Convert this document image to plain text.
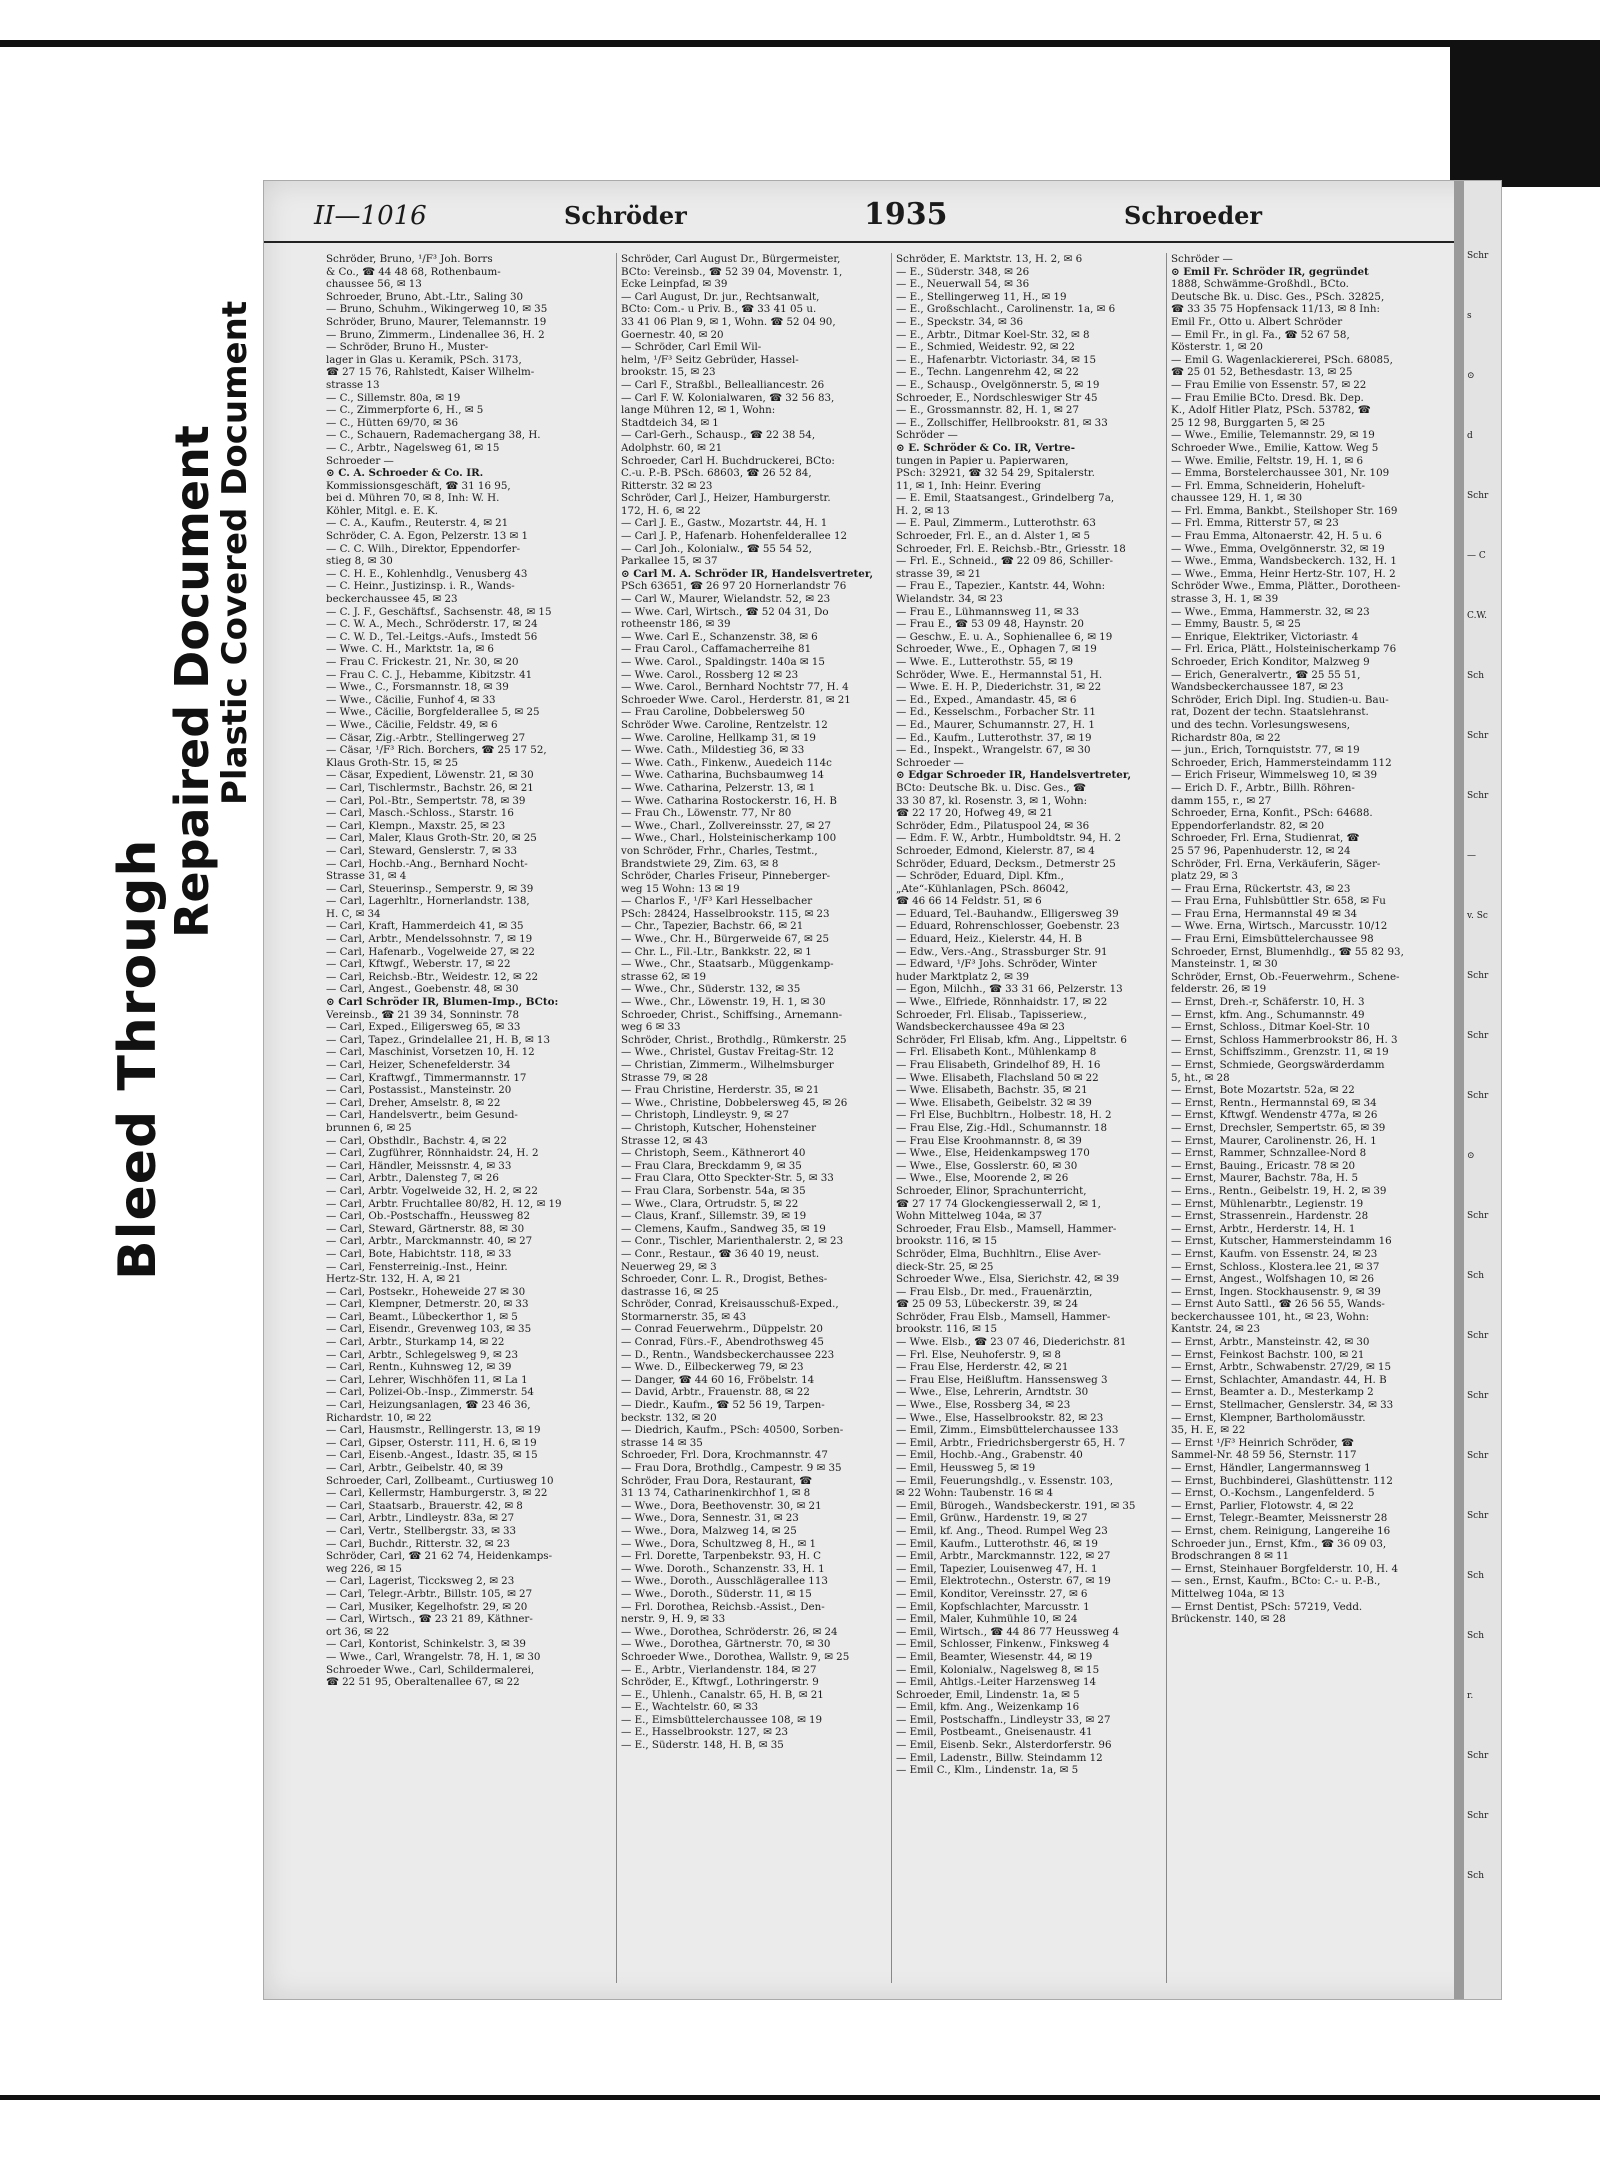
Bleed Through
Repaired Document
Plastic Covered Document
II—1016	Schröder	1935	Schroeder
Schröder, Bruno, ¹/F³ Joh. Borrs
& Co., ☎ 44 48 68, Rothenbaum-
chaussee 56, ✉ 13
Schroeder, Bruno, Abt.-Ltr., Saling 30
— Bruno, Schuhm., Wikingerweg 10, ✉ 35
Schröder, Bruno, Maurer, Telemannstr. 19
— Bruno, Zimmerm., Lindenallee 36, H. 2
— Schröder, Bruno H., Muster-
lager in Glas u. Keramik, PSch. 3173,
☎ 27 15 76, Rahlstedt, Kaiser Wilhelm-
strasse 13
— C., Sillemstr. 80a, ✉ 19
— C., Zimmerpforte 6, H., ✉ 5
— C., Hütten 69/70, ✉ 36
— C., Schauern, Rademachergang 38, H.
— C., Arbtr., Nagelsweg 61, ✉ 15
Schroeder —
⊙ C. A. Schroeder & Co. IR.
Kommissionsgeschäft, ☎ 31 16 95,
bei d. Mühren 70, ✉ 8, Inh: W. H.
Köhler, Mitgl. e. E. K.
— C. A., Kaufm., Reuterstr. 4, ✉ 21
Schröder, C. A. Egon, Pelzerstr. 13 ✉ 1
— C. C. Wilh., Direktor, Eppendorfer-
stieg 8, ✉ 30
— C. H. E., Kohlenhdlg., Venusberg 43
— C. Heinr., Justizinsp. i. R., Wands-
beckerchaussee 45, ✉ 23
— C. J. F., Geschäftsf., Sachsenstr. 48, ✉ 15
— C. W. A., Mech., Schröderstr. 17, ✉ 24
— C. W. D., Tel.-Leitgs.-Aufs., Imstedt 56
— Wwe. C. H., Marktstr. 1a, ✉ 6
— Frau C. Frickestr. 21, Nr. 30, ✉ 20
— Frau C. C. J., Hebamme, Kibitzstr. 41
— Wwe., C., Forsmannstr. 18, ✉ 39
— Wwe., Cäcilie, Funhof 4, ✉ 33
— Wwe., Cäcilie, Borgfelderallee 5, ✉ 25
— Wwe., Cäcilie, Feldstr. 49, ✉ 6
— Cäsar, Zig.-Arbtr., Stellingerweg 27
— Cäsar, ¹/F³ Rich. Borchers, ☎ 25 17 52,
Klaus Groth-Str. 15, ✉ 25
— Cäsar, Expedient, Löwenstr. 21, ✉ 30
— Carl, Tischlermstr., Bachstr. 26, ✉ 21
— Carl, Pol.-Btr., Sempertstr. 78, ✉ 39
— Carl, Masch.-Schloss., Starstr. 16
— Carl, Klempn., Maxstr. 25, ✉ 23
— Carl, Maler, Klaus Groth-Str. 20, ✉ 25
— Carl, Steward, Genslerstr. 7, ✉ 33
— Carl, Hochb.-Ang., Bernhard Nocht-
Strasse 31, ✉ 4
— Carl, Steuerinsp., Semperstr. 9, ✉ 39
— Carl, Lagerhltr., Hornerlandstr. 138,
H. C, ✉ 34
— Carl, Kraft, Hammerdeich 41, ✉ 35
— Carl, Arbtr., Mendelssohnstr. 7, ✉ 19
— Carl, Hafenarb., Vogelweide 27, ✉ 22
— Carl, Kftwgf., Weberstr. 17, ✉ 22
— Carl, Reichsb.-Btr., Weidestr. 12, ✉ 22
— Carl, Angest., Goebenstr. 48, ✉ 30
⊙ Carl Schröder IR, Blumen-Imp., BCto:
Vereinsb., ☎ 21 39 34, Sonninstr. 78
— Carl, Exped., Eiligersweg 65, ✉ 33
— Carl, Tapez., Grindelallee 21, H. B, ✉ 13
— Carl, Maschinist, Vorsetzen 10, H. 12
— Carl, Heizer, Schenefelderstr. 34
— Carl, Kraftwgf., Timmermannstr. 17
— Carl, Postassist., Mansteinstr. 20
— Carl, Dreher, Amselstr. 8, ✉ 22
— Carl, Handelsvertr., beim Gesund-
brunnen 6, ✉ 25
— Carl, Obsthdlr., Bachstr. 4, ✉ 22
— Carl, Zugführer, Rönnhaidstr. 24, H. 2
— Carl, Händler, Meissnstr. 4, ✉ 33
— Carl, Arbtr., Dalensteg 7, ✉ 26
— Carl, Arbtr. Vogelweide 32, H. 2, ✉ 22
— Carl, Arbtr. Fruchtallee 80/82, H. 12, ✉ 19
— Carl, Ob.-Postschaffn., Heussweg 82
— Carl, Steward, Gärtnerstr. 88, ✉ 30
— Carl, Arbtr., Marckmannstr. 40, ✉ 27
— Carl, Bote, Habichtstr. 118, ✉ 33
— Carl, Fensterreinig.-Inst., Heinr.
Hertz-Str. 132, H. A, ✉ 21
— Carl, Postsekr., Hoheweide 27 ✉ 30
— Carl, Klempner, Detmerstr. 20, ✉ 33
— Carl, Beamt., Lübeckerthor 1, ✉ 5
— Carl, Eisendr., Grevenweg 103, ✉ 35
— Carl, Arbtr., Sturkamp 14, ✉ 22
— Carl, Arbtr., Schlegelsweg 9, ✉ 23
— Carl, Rentn., Kuhnsweg 12, ✉ 39
— Carl, Lehrer, Wischhöfen 11, ✉ La 1
— Carl, Polizei-Ob.-Insp., Zimmerstr. 54
— Carl, Heizungsanlagen, ☎ 23 46 36,
Richardstr. 10, ✉ 22
— Carl, Hausmstr., Rellingerstr. 13, ✉ 19
— Carl, Gipser, Osterstr. 111, H. 6, ✉ 19
— Carl, Eisenb.-Angest., Idastr. 35, ✉ 15
— Carl, Arbtr., Geibelstr. 40, ✉ 39
Schroeder, Carl, Zollbeamt., Curtiusweg 10
— Carl, Kellermstr, Hamburgerstr. 3, ✉ 22
— Carl, Staatsarb., Brauerstr. 42, ✉ 8
— Carl, Arbtr., Lindleystr. 83a, ✉ 27
— Carl, Vertr., Stellbergstr. 33, ✉ 33
— Carl, Buchdr., Ritterstr. 32, ✉ 23
Schröder, Carl, ☎ 21 62 74, Heidenkamps-
weg 226, ✉ 15
— Carl, Lagerist, Ticcksweg 2, ✉ 23
— Carl, Telegr.-Arbtr., Billstr. 105, ✉ 27
— Carl, Musiker, Kegelhofstr. 29, ✉ 20
— Carl, Wirtsch., ☎ 23 21 89, Käthner-
ort 36, ✉ 22
— Carl, Kontorist, Schinkelstr. 3, ✉ 39
— Wwe., Carl, Wrangelstr. 78, H. 1, ✉ 30
Schroeder Wwe., Carl, Schildermalerei,
☎ 22 51 95, Oberaltenallee 67, ✉ 22
Schröder, Carl August Dr., Bürgermeister,
BCto: Vereinsb., ☎ 52 39 04, Movenstr. 1,
Ecke Leinpfad, ✉ 39
— Carl August, Dr. jur., Rechtsanwalt,
BCto: Com.- u Priv. B., ☎ 33 41 05 u.
33 41 06 Plan 9, ✉ 1, Wohn. ☎ 52 04 90,
Goernestr. 40, ✉ 20
— Schröder, Carl Emil Wil-
helm, ¹/F³ Seitz Gebrüder, Hassel-
brookstr. 15, ✉ 23
— Carl F., Straßbl., Bellealliancestr. 26
— Carl F. W. Kolonialwaren, ☎ 32 56 83,
lange Mühren 12, ✉ 1, Wohn:
Stadtdeich 34, ✉ 1
— Carl-Gerh., Schausp., ☎ 22 38 54,
Adolphstr. 60, ✉ 21
Schroeder, Carl H. Buchdruckerei, BCto:
C.-u. P.-B. PSch. 68603, ☎ 26 52 84,
Ritterstr. 32 ✉ 23
Schröder, Carl J., Heizer, Hamburgerstr.
172, H. 6, ✉ 22
— Carl J. E., Gastw., Mozartstr. 44, H. 1
— Carl J. P., Hafenarb. Hohenfelderallee 12
— Carl Joh., Kolonialw., ☎ 55 54 52,
Parkallee 15, ✉ 37
⊙ Carl M. A. Schröder IR, Handelsvertreter,
PSch 63651, ☎ 26 97 20 Hornerlandstr 76
— Carl W., Maurer, Wielandstr. 52, ✉ 23
— Wwe. Carl, Wirtsch., ☎ 52 04 31, Do
rotheenstr 186, ✉ 39
— Wwe. Carl E., Schanzenstr. 38, ✉ 6
— Frau Carol., Caffamacherreihe 81
— Wwe. Carol., Spaldingstr. 140a ✉ 15
— Wwe. Carol., Rossberg 12 ✉ 23
— Wwe. Carol., Bernhard Nochtstr 77, H. 4
Schroeder Wwe. Carol., Herderstr. 81, ✉ 21
— Frau Caroline, Dobbelersweg 50
Schröder Wwe. Caroline, Rentzelstr. 12
— Wwe. Caroline, Hellkamp 31, ✉ 19
— Wwe. Cath., Mildestieg 36, ✉ 33
— Wwe. Cath., Finkenw., Auedeich 114c
— Wwe. Catharina, Buchsbaumweg 14
— Wwe. Catharina, Pelzerstr. 13, ✉ 1
— Wwe. Catharina Rostockerstr. 16, H. B
— Frau Ch., Löwenstr. 77, Nr 80
— Wwe., Charl., Zollvereinsstr. 27, ✉ 27
— Wwe., Charl., Holsteinischerkamp 100
von Schröder, Frhr., Charles, Testmt.,
Brandstwiete 29, Zim. 63, ✉ 8
Schröder, Charles Friseur, Pinneberger-
weg 15 Wohn: 13 ✉ 19
— Charlos F., ¹/F³ Karl Hesselbacher
PSch: 28424, Hasselbrookstr. 115, ✉ 23
— Chr., Tapezier, Bachstr. 66, ✉ 21
— Wwe., Chr. H., Bürgerweide 67, ✉ 25
— Chr. L., Fil.-Ltr., Bankkstr. 22, ✉ 1
— Wwe., Chr., Staatsarb., Müggenkamp-
strasse 62, ✉ 19
— Wwe., Chr., Süderstr. 132, ✉ 35
— Wwe., Chr., Löwenstr. 19, H. 1, ✉ 30
Schroeder, Christ., Schiffsing., Arnemann-
weg 6 ✉ 33
Schröder, Christ., Brothdlg., Rümkerstr. 25
— Wwe., Christel, Gustav Freitag-Str. 12
— Christian, Zimmerm., Wilhelmsburger
Strasse 79, ✉ 28
— Frau Christine, Herderstr. 35, ✉ 21
— Wwe., Christine, Dobbelersweg 45, ✉ 26
— Christoph, Lindleystr. 9, ✉ 27
— Christoph, Kutscher, Hohensteiner
Strasse 12, ✉ 43
— Christoph, Seem., Käthnerort 40
— Frau Clara, Breckdamm 9, ✉ 35
— Frau Clara, Otto Speckter-Str. 5, ✉ 33
— Frau Clara, Sorbenstr. 54a, ✉ 35
— Wwe., Clara, Ortrudstr. 5, ✉ 22
— Claus, Kranf., Sillemstr. 39, ✉ 19
— Clemens, Kaufm., Sandweg 35, ✉ 19
— Conr., Tischler, Marienthalerstr. 2, ✉ 23
— Conr., Restaur., ☎ 36 40 19, neust.
Neuerweg 29, ✉ 3
Schroeder, Conr. L. R., Drogist, Bethes-
dastrasse 16, ✉ 25
Schröder, Conrad, Kreisausschuß-Exped.,
Stormarnerstr. 35, ✉ 43
— Conrad Feuerwehrm., Düppelstr. 20
— Conrad, Fürs.-F., Abendrothsweg 45
— D., Rentn., Wandsbeckerchaussee 223
— Wwe. D., Eilbeckerweg 79, ✉ 23
— Danger, ☎ 44 60 16, Fröbelstr. 14
— David, Arbtr., Frauenstr. 88, ✉ 22
— Diedr., Kaufm., ☎ 52 56 19, Tarpen-
beckstr. 132, ✉ 20
— Diedrich, Kaufm., PSch: 40500, Sorben-
strasse 14 ✉ 35
Schroeder, Frl. Dora, Krochmannstr. 47
— Frau Dora, Brothdlg., Campestr. 9 ✉ 35
Schröder, Frau Dora, Restaurant, ☎
31 13 74, Catharinenkirchhof 1, ✉ 8
— Wwe., Dora, Beethovenstr. 30, ✉ 21
— Wwe., Dora, Sennestr. 31, ✉ 23
— Wwe., Dora, Malzweg 14, ✉ 25
— Wwe., Dora, Schultzweg 8, H., ✉ 1
— Frl. Dorette, Tarpenbekstr. 93, H. C
— Wwe. Doroth., Schanzenstr. 33, H. 1
— Wwe., Doroth., Ausschlägerallee 113
— Wwe., Doroth., Süderstr. 11, ✉ 15
— Frl. Dorothea, Reichsb.-Assist., Den-
nerstr. 9, H. 9, ✉ 33
— Wwe., Dorothea, Schröderstr. 26, ✉ 24
— Wwe., Dorothea, Gärtnerstr. 70, ✉ 30
Schroeder Wwe., Dorothea, Wallstr. 9, ✉ 25
— E., Arbtr., Vierlandenstr. 184, ✉ 27
Schröder, E., Kftwgf., Lothringerstr. 9
— E., Uhlenh., Canalstr. 65, H. B, ✉ 21
— E., Wachtelstr. 60, ✉ 33
— E., Eimsbüttelerchaussee 108, ✉ 19
— E., Hasselbrookstr. 127, ✉ 23
— E., Süderstr. 148, H. B, ✉ 35
Schröder, E. Marktstr. 13, H. 2, ✉ 6
— E., Süderstr. 348, ✉ 26
— E., Neuerwall 54, ✉ 36
— E., Stellingerweg 11, H., ✉ 19
— E., Großschlacht., Carolinenstr. 1a, ✉ 6
— E., Speckstr. 34, ✉ 36
— E., Arbtr., Ditmar Koel-Str. 32, ✉ 8
— E., Schmied, Weidestr. 92, ✉ 22
— E., Hafenarbtr. Victoriastr. 34, ✉ 15
— E., Techn. Langenrehm 42, ✉ 22
— E., Schausp., Ovelgönnerstr. 5, ✉ 19
Schroeder, E., Nordschleswiger Str 45
— E., Grossmannstr. 82, H. 1, ✉ 27
— E., Zollschiffer, Hellbrookstr. 81, ✉ 33
Schröder —
⊙ E. Schröder & Co. IR, Vertre-
tungen in Papier u. Papierwaren,
PSch: 32921, ☎ 32 54 29, Spitalerstr.
11, ✉ 1, Inh: Heinr. Evering
— E. Emil, Staatsangest., Grindelberg 7a,
H. 2, ✉ 13
— E. Paul, Zimmerm., Lutterothstr. 63
Schroeder, Frl. E., an d. Alster 1, ✉ 5
Schroeder, Frl. E. Reichsb.-Btr., Griesstr. 18
— Frl. E., Schneid., ☎ 22 09 86, Schiller-
strasse 39, ✉ 21
— Frau E., Tapezier., Kantstr. 44, Wohn:
Wielandstr. 34, ✉ 23
— Frau E., Lühmannsweg 11, ✉ 33
— Frau E., ☎ 53 09 48, Haynstr. 20
— Geschw., E. u. A., Sophienallee 6, ✉ 19
Schroeder, Wwe., E., Ophagen 7, ✉ 19
— Wwe. E., Lutterothstr. 55, ✉ 19
Schröder, Wwe. E., Hermannstal 51, H.
— Wwe. E. H. P., Diederichstr. 31, ✉ 22
— Ed., Exped., Amandastr. 45, ✉ 6
— Ed., Kesselschm., Forbacher Str. 11
— Ed., Maurer, Schumannstr. 27, H. 1
— Ed., Kaufm., Lutterothstr. 37, ✉ 19
— Ed., Inspekt., Wrangelstr. 67, ✉ 30
Schroeder —
⊙ Edgar Schroeder IR, Handelsvertreter,
BCto: Deutsche Bk. u. Disc. Ges., ☎
33 30 87, kl. Rosenstr. 3, ✉ 1, Wohn:
☎ 22 17 20, Hofweg 49, ✉ 21
Schröder, Edm., Pilatuspool 24, ✉ 36
— Edm. F. W., Arbtr., Humboldtstr. 94, H. 2
Schroeder, Edmond, Kielerstr. 87, ✉ 4
Schröder, Eduard, Decksm., Detmerstr 25
— Schröder, Eduard, Dipl. Kfm.,
„Ate“-Kühlanlagen, PSch. 86042,
☎ 46 66 14 Feldstr. 51, ✉ 6
— Eduard, Tel.-Bauhandw., Elligersweg 39
— Eduard, Rohrenschlosser, Goebenstr. 23
— Eduard, Heiz., Kielerstr. 44, H. B
— Edw., Vers.-Ang., Strassburger Str. 91
— Edward, ¹/F³ Johs. Schröder, Winter
huder Marktplatz 2, ✉ 39
— Egon, Milchh., ☎ 33 31 66, Pelzerstr. 13
— Wwe., Elfriede, Rönnhaidstr. 17, ✉ 22
Schroeder, Frl. Elisab., Tapisseriew.,
Wandsbeckerchaussee 49a ✉ 23
Schröder, Frl Elisab, kfm. Ang., Lippeltstr. 6
— Frl. Elisabeth Kont., Mühlenkamp 8
— Frau Elisabeth, Grindelhof 89, H. 16
— Wwe. Elisabeth, Flachsland 50 ✉ 22
— Wwe. Elisabeth, Bachstr. 35, ✉ 21
— Wwe. Elisabeth, Geibelstr. 32 ✉ 39
— Frl Else, Buchbltrn., Holbestr. 18, H. 2
— Frau Else, Zig.-Hdl., Schumannstr. 18
— Frau Else Kroohmannstr. 8, ✉ 39
— Wwe., Else, Heidenkampsweg 170
— Wwe., Else, Gosslerstr. 60, ✉ 30
— Wwe., Else, Moorende 2, ✉ 26
Schroeder, Elinor, Sprachunterricht,
☎ 27 17 74 Glockengiesserwall 2, ✉ 1,
Wohn Mittelweg 104a, ✉ 37
Schroeder, Frau Elsb., Mamsell, Hammer-
brookstr. 116, ✉ 15
Schröder, Elma, Buchhltrn., Elise Aver-
dieck-Str. 25, ✉ 25
Schroeder Wwe., Elsa, Sierichstr. 42, ✉ 39
— Frau Elsb., Dr. med., Frauenärztin,
☎ 25 09 53, Lübeckerstr. 39, ✉ 24
Schröder, Frau Elsb., Mamsell, Hammer-
brookstr. 116, ✉ 15
— Wwe. Elsb., ☎ 23 07 46, Diederichstr. 81
— Frl. Else, Neuhoferstr. 9, ✉ 8
— Frau Else, Herderstr. 42, ✉ 21
— Frau Else, Heißluftm. Hanssensweg 3
— Wwe., Else, Lehrerin, Arndtstr. 30
— Wwe., Else, Rossberg 34, ✉ 23
— Wwe., Else, Hasselbrookstr. 82, ✉ 23
— Emil, Zimm., Eimsbüttelerchaussee 133
— Emil, Arbtr., Friedrichsbergerstr 65, H. 7
— Emil, Hochb.-Ang., Grabenstr. 40
— Emil, Heussweg 5, ✉ 19
— Emil, Feuerungshdlg., v. Essenstr. 103,
✉ 22 Wohn: Taubenstr. 16 ✉ 4
— Emil, Bürogeh., Wandsbeckerstr. 191, ✉ 35
— Emil, Grünw., Hardenstr. 19, ✉ 27
— Emil, kf. Ang., Theod. Rumpel Weg 23
— Emil, Kaufm., Lutterothstr. 46, ✉ 19
— Emil, Arbtr., Marckmannstr. 122, ✉ 27
— Emil, Tapezier, Louisenweg 47, H. 1
— Emil, Elektrotechn., Osterstr. 67, ✉ 19
— Emil, Konditor, Vereinsstr. 27, ✉ 6
— Emil, Kopfschlachter, Marcusstr. 1
— Emil, Maler, Kuhmühle 10, ✉ 24
— Emil, Wirtsch., ☎ 44 86 77 Heussweg 4
— Emil, Schlosser, Finkenw., Finksweg 4
— Emil, Beamter, Wiesenstr. 44, ✉ 19
— Emil, Kolonialw., Nagelsweg 8, ✉ 15
— Emil, Ahtlgs.-Leiter Harzensweg 14
Schroeder, Emil, Lindenstr. 1a, ✉ 5
— Emil, kfm. Ang., Weizenkamp 16
— Emil, Postschaffn., Lindleystr 33, ✉ 27
— Emil, Postbeamt., Gneisenaustr. 41
— Emil, Eisenb. Sekr., Alsterdorferstr. 96
— Emil, Ladenstr., Billw. Steindamm 12
— Emil C., Klm., Lindenstr. 1a, ✉ 5
Schröder —
⊙ Emil Fr. Schröder IR, gegründet
1888, Schwämme-Großhdl., BCto.
Deutsche Bk. u. Disc. Ges., PSch. 32825,
☎ 33 35 75 Hopfensack 11/13, ✉ 8 Inh:
Emil Fr., Otto u. Albert Schröder
— Emil Fr., in gl. Fa., ☎ 52 67 58,
Kösterstr. 1, ✉ 20
— Emil G. Wagenlackiererei, PSch. 68085,
☎ 25 01 52, Bethesdastr. 13, ✉ 25
— Frau Emilie von Essenstr. 57, ✉ 22
— Frau Emilie BCto. Dresd. Bk. Dep.
K., Adolf Hitler Platz, PSch. 53782, ☎
25 12 98, Burggarten 5, ✉ 25
— Wwe., Emilie, Telemannstr. 29, ✉ 19
Schroeder Wwe., Emilie, Kattow. Weg 5
— Wwe. Emilie, Feltstr. 19, H. 1, ✉ 6
— Emma, Borstelerchaussee 301, Nr. 109
— Frl. Emma, Schneiderin, Hoheluft-
chaussee 129, H. 1, ✉ 30
— Frl. Emma, Bankbt., Steilshoper Str. 169
— Frl. Emma, Ritterstr 57, ✉ 23
— Frau Emma, Altonaerstr. 42, H. 5 u. 6
— Wwe., Emma, Ovelgönnerstr. 32, ✉ 19
— Wwe., Emma, Wandsbeckerch. 132, H. 1
— Wwe., Emma, Heinr Hertz-Str. 107, H. 2
Schröder Wwe., Emma, Plätter., Dorotheen-
strasse 3, H. 1, ✉ 39
— Wwe., Emma, Hammerstr. 32, ✉ 23
— Emmy, Baustr. 5, ✉ 25
— Enrique, Elektriker, Victoriastr. 4
— Frl. Erica, Plätt., Holsteinischerkamp 76
Schroeder, Erich Konditor, Malzweg 9
— Erich, Generalvertr., ☎ 25 55 51,
Wandsbeckerchaussee 187, ✉ 23
Schröder, Erich Dipl. Ing. Studien-u. Bau-
rat, Dozent der techn. Staatslehranst.
und des techn. Vorlesungswesens,
Richardstr 80a, ✉ 22
— jun., Erich, Tornquiststr. 77, ✉ 19
Schroeder, Erich, Hammersteindamm 112
— Erich Friseur, Wimmelsweg 10, ✉ 39
— Erich D. F., Arbtr., Billh. Röhren-
damm 155, r., ✉ 27
Schroeder, Erna, Konfit., PSch: 64688.
Eppendorferlandstr. 82, ✉ 20
Schroeder, Frl. Erna, Studienrat, ☎
25 57 96, Papenhuderstr. 12, ✉ 24
Schröder, Frl. Erna, Verkäuferin, Säger-
platz 29, ✉ 3
— Frau Erna, Rückertstr. 43, ✉ 23
— Frau Erna, Fuhlsbüttler Str. 658, ✉ Fu
— Frau Erna, Hermannstal 49 ✉ 34
— Wwe. Erna, Wirtsch., Marcusstr. 10/12
— Frau Erni, Eimsbüttelerchaussee 98
Schroeder, Ernst, Blumenhdlg., ☎ 55 82 93,
Mansteinstr. 1, ✉ 30
Schröder, Ernst, Ob.-Feuerwehrm., Schene-
felderstr. 26, ✉ 19
— Ernst, Dreh.-r, Schäferstr. 10, H. 3
— Ernst, kfm. Ang., Schumannstr. 49
— Ernst, Schloss., Ditmar Koel-Str. 10
— Ernst, Schloss Hammerbrookstr 86, H. 3
— Ernst, Schiffszimm., Grenzstr. 11, ✉ 19
— Ernst, Schmiede, Georgswärderdamm
5, ht., ✉ 28
— Ernst, Bote Mozartstr. 52a, ✉ 22
— Ernst, Rentn., Hermannstal 69, ✉ 34
— Ernst, Kftwgf. Wendenstr 477a, ✉ 26
— Ernst, Drechsler, Sempertstr. 65, ✉ 39
— Ernst, Maurer, Carolinenstr. 26, H. 1
— Ernst, Rammer, Schnzallee-Nord 8
— Ernst, Bauing., Ericastr. 78 ✉ 20
— Ernst, Maurer, Bachstr. 78a, H. 5
— Erns., Rentn., Geibelstr. 19, H. 2, ✉ 39
— Ernst, Mühlenarbtr., Legienstr. 19
— Ernst, Strassenrein., Hardenstr. 28
— Ernst, Arbtr., Herderstr. 14, H. 1
— Ernst, Kutscher, Hammersteindamm 16
— Ernst, Kaufm. von Essenstr. 24, ✉ 23
— Ernst, Schloss., Klostera.lee 21, ✉ 37
— Ernst, Angest., Wolfshagen 10, ✉ 26
— Ernst, Ingen. Stockhausenstr. 9, ✉ 39
— Ernst Auto Sattl., ☎ 26 56 55, Wands-
beckerchaussee 101, ht., ✉ 23, Wohn:
Kantstr. 24, ✉ 23
— Ernst, Arbtr., Mansteinstr. 42, ✉ 30
— Ernst, Feinkost Bachstr. 100, ✉ 21
— Ernst, Arbtr., Schwabenstr. 27/29, ✉ 15
— Ernst, Schlachter, Amandastr. 44, H. B
— Ernst, Beamter a. D., Mesterkamp 2
— Ernst, Stellmacher, Genslerstr. 34, ✉ 33
— Ernst, Klempner, Bartholomäusstr.
35, H. E, ✉ 22
— Ernst ¹/F³ Heinrich Schröder, ☎
Sammel-Nr. 48 59 56, Sternstr. 117
— Ernst, Händler, Langermannsweg 1
— Ernst, Buchbinderei, Glashüttenstr. 112
— Ernst, O.-Kochsm., Langenfelderd. 5
— Ernst, Parlier, Flotowstr. 4, ✉ 22
— Ernst, Telegr.-Beamter, Meissnerstr 28
— Ernst, chem. Reinigung, Langereihe 16
Schroeder jun., Ernst, Kfm., ☎ 36 09 03,
Brodschrangen 8 ✉ 11
— Ernst, Steinhauer Borgfelderstr. 10, H. 4
— sen., Ernst, Kaufm., BCto: C.- u. P.-B.,
Mittelweg 104a, ✉ 13
— Ernst Dentist, PSch: 57219, Vedd.
Brückenstr. 140, ✉ 28
Schr
s
⊙
d
Schr
— C
C.W.
Sch
Schr
Schr
—
v. Sc
Schr
Schr
Schr
⊙
Schr
Sch
Schr
Schr
Schr
Schr
Sch
Sch
r.
Schr
Schr
Sch
